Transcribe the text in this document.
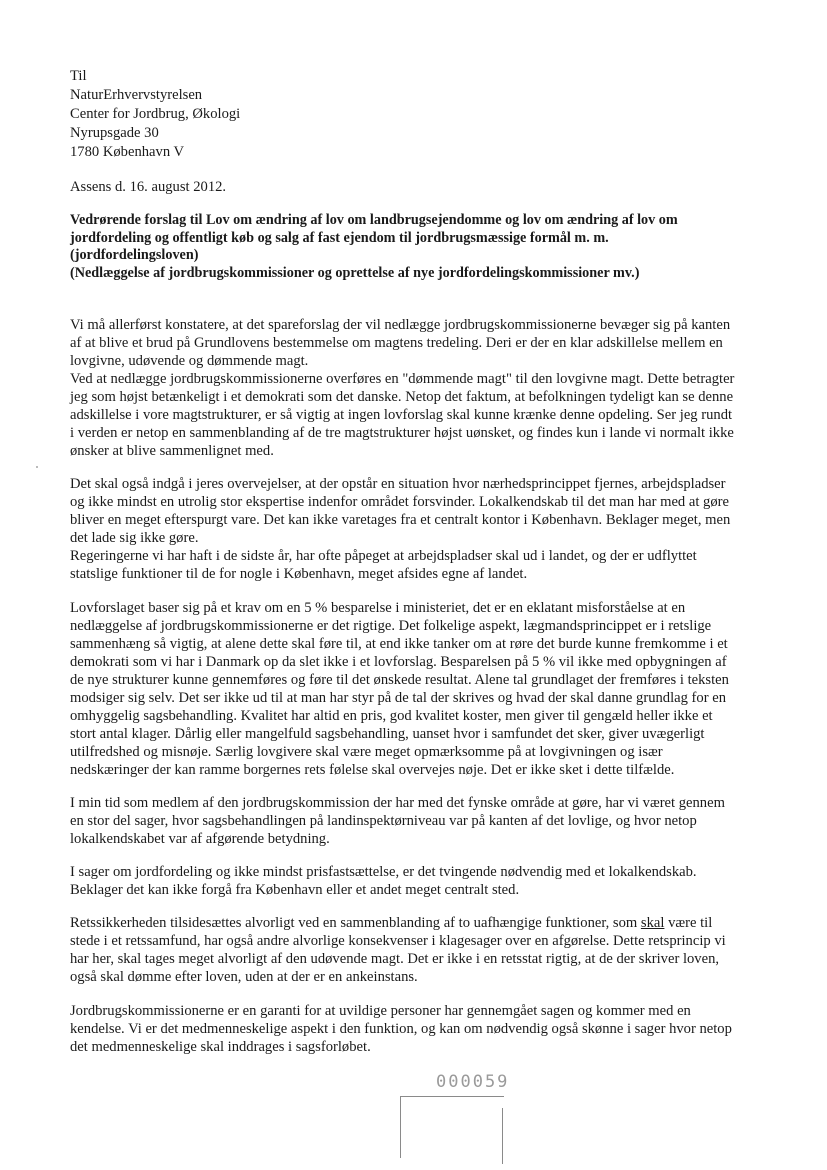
Til
NaturErhvervstyrelsen
Center for Jordbrug, Økologi
Nyrupsgade 30
1780 København V
Assens d. 16. august 2012.
Vedrørende forslag til Lov om ændring af lov om landbrugsejendomme og lov om ændring af lov om
jordfordeling og offentligt køb og salg af fast ejendom til jordbrugsmæssige formål m. m.
(jordfordelingsloven)
(Nedlæggelse af jordbrugskommissioner og oprettelse af nye jordfordelingskommissioner mv.)
Vi må allerførst konstatere, at det spareforslag der vil nedlægge jordbrugskommissionerne bevæger sig på kanten
af at blive et brud på Grundlovens bestemmelse om magtens tredeling. Deri er der en klar adskillelse mellem en
lovgivne, udøvende og dømmende magt.
Ved at nedlægge jordbrugskommissionerne overføres en "dømmende magt" til den lovgivne magt. Dette betragter
jeg som højst betænkeligt i et demokrati som det danske. Netop det faktum, at befolkningen tydeligt kan se denne
adskillelse i vore magtstrukturer, er så vigtig at ingen lovforslag skal kunne krænke denne opdeling. Ser jeg rundt
i verden er netop en sammenblanding af de tre magtstrukturer højst uønsket, og findes kun i lande vi normalt ikke
ønsker at blive sammenlignet med.
Det skal også indgå i jeres overvejelser, at der opstår en situation hvor nærhedsprincippet fjernes, arbejdspladser
og ikke mindst en utrolig stor ekspertise indenfor området forsvinder. Lokalkendskab til det man har med at gøre
bliver en meget efterspurgt vare. Det kan ikke varetages fra et centralt kontor i København. Beklager meget, men
det lade sig ikke gøre.
Regeringerne vi har haft i de sidste år, har ofte påpeget at arbejdspladser skal ud i landet, og der er udflyttet
statslige funktioner til de for nogle i København, meget afsides egne af landet.
Lovforslaget baser sig på et krav om en 5 % besparelse i ministeriet, det er en eklatant misforståelse at en
nedlæggelse af jordbrugskommissionerne er det rigtige. Det folkelige aspekt, lægmandsprincippet er i retslige
sammenhæng så vigtig, at alene dette skal føre til, at end ikke tanker om at røre det burde kunne fremkomme i et
demokrati som vi har i Danmark op da slet ikke i et lovforslag. Besparelsen på 5 % vil ikke med opbygningen af
de nye strukturer kunne gennemføres og føre til det ønskede resultat. Alene tal grundlaget der fremføres i teksten
modsiger sig selv. Det ser ikke ud til at man har styr på de tal der skrives og hvad der skal danne grundlag for en
omhyggelig sagsbehandling. Kvalitet har altid en pris, god kvalitet koster, men giver til gengæld heller ikke et
stort antal klager. Dårlig eller mangelfuld sagsbehandling, uanset hvor i samfundet det sker, giver uvægerligt
utilfredshed og misnøje. Særlig lovgivere skal være meget opmærksomme på at lovgivningen og især
nedskæringer der kan ramme borgernes rets følelse skal overvejes nøje. Det er ikke sket i dette tilfælde.
I min tid som medlem af den jordbrugskommission der har med det fynske område at gøre, har vi været gennem
en stor del sager, hvor sagsbehandlingen på landinspektørniveau var på kanten af det lovlige, og hvor netop
lokalkendskabet var af afgørende betydning.
I sager om jordfordeling og ikke mindst prisfastsættelse, er det tvingende nødvendig med et lokalkendskab.
Beklager det kan ikke forgå fra København eller et andet meget centralt sted.
Retssikkerheden tilsidesættes alvorligt ved en sammenblanding af to uafhængige funktioner, som skal være til
stede i et retssamfund, har også andre alvorlige konsekvenser i klagesager over en afgørelse. Dette retsprincip vi
har her, skal tages meget alvorligt af den udøvende magt. Det er ikke i en retsstat rigtig, at de der skriver loven,
også skal dømme efter loven, uden at der er en ankeinstans.
Jordbrugskommissionerne er en garanti for at uvildige personer har gennemgået sagen og kommer med en
kendelse. Vi er det medmenneskelige aspekt i den funktion, og kan om nødvendig også skønne i sager hvor netop
det medmenneskelige skal inddrages i sagsforløbet.
000059
